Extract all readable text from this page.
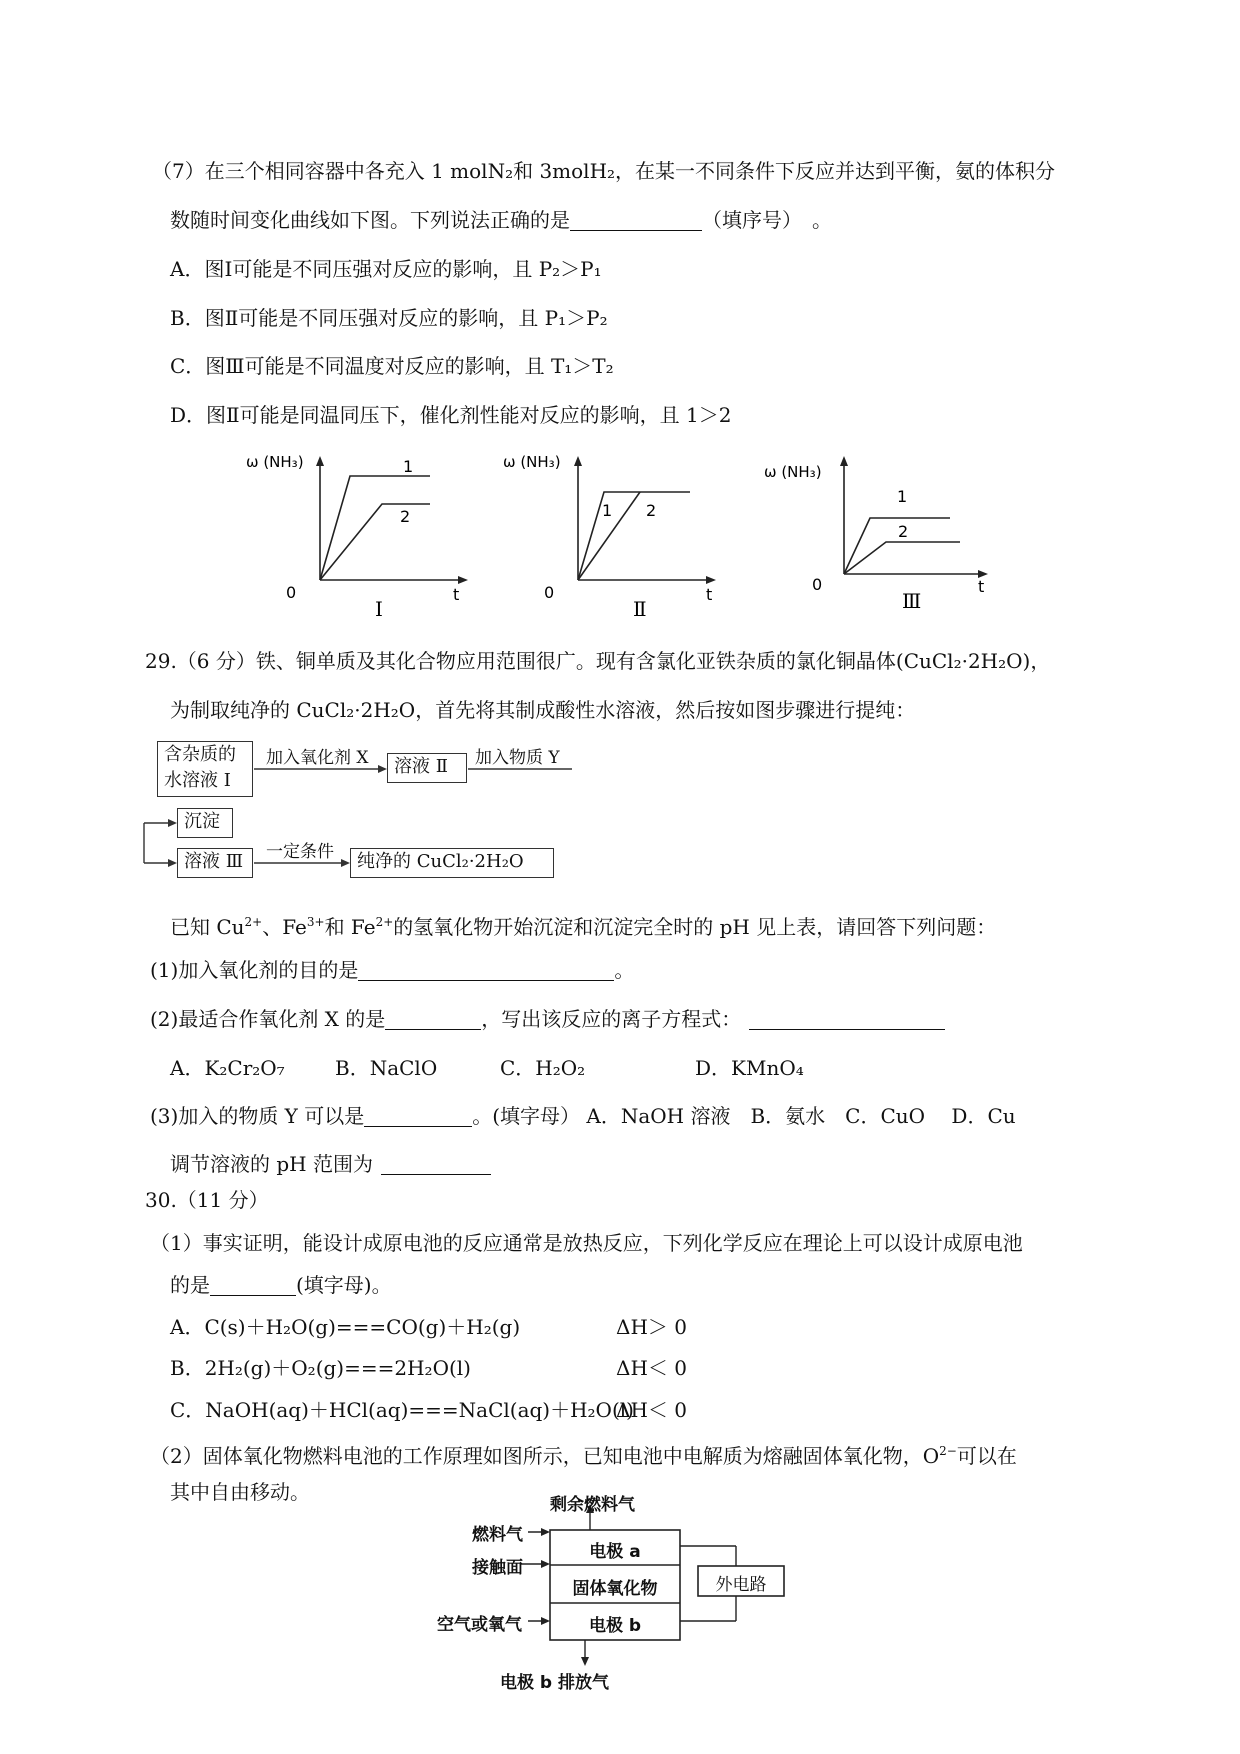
（7）在三个相同容器中各充入 1 molN₂和 3molH₂，在某一不同条件下反应并达到平衡，氨的体积分
数随时间变化曲线如下图。下列说法正确的是	（填序号）　。
A．图Ⅰ可能是不同压强对反应的影响，且 P₂＞P₁
B．图Ⅱ可能是不同压强对反应的影响，且 P₁＞P₂
C．图Ⅲ可能是不同温度对反应的影响，且 T₁＞T₂
D．图Ⅱ可能是同温同压下，催化剂性能对反应的影响，且 1＞2
ω (NH₃)	1
2
0	t
Ⅰ
ω (NH₃)
1 2
0	t
Ⅱ
ω (NH₃)
1
2
0	t
Ⅲ
29.（6 分）铁、铜单质及其化合物应用范围很广。现有含氯化亚铁杂质的氯化铜晶体(CuCl₂·2H₂O)，
为制取纯净的 CuCl₂·2H₂O，首先将其制成酸性水溶液，然后按如图步骤进行提纯：
含杂质的
水溶液 Ⅰ
加入氧化剂 X	溶液 Ⅱ	加入物质 Y
沉淀
溶液 Ⅲ	一定条件	纯净的 CuCl₂·2H₂O
已知 $Cu^{2+}$、$Fe^{3+}$和 $Fe^{2+}$的氢氧化物开始沉淀和沉淀完全时的 pH 见上表，请回答下列问题：
(1)加入氧化剂的目的是	。
(2)最适合作氧化剂 X 的是	，写出该反应的离子方程式：
A．K₂Cr₂O₇	B．NaClO	C．H₂O₂	D．KMnO₄
(3)加入的物质 Y 可以是	。(填字母） A．NaOH 溶液　B．氨水　C．CuO　 D．Cu
调节溶液的 pH 范围为
30.（11 分）
（1）事实证明，能设计成原电池的反应通常是放热反应，下列化学反应在理论上可以设计成原电池
的是	(填字母)。
A．C(s)＋H₂O(g)===CO(g)＋H₂(g)	ΔH＞ 0
B．2H₂(g)＋O₂(g)===2H₂O(l)	ΔH＜ 0
C．NaOH(aq)＋HCl(aq)===NaCl(aq)＋H₂O(l)
ΔH＜ 0
（2）固体氧化物燃料电池的工作原理如图所示，已知电池中电解质为熔融固体氧化物，$O^{2-}$可以在
其中自由移动。
剩余燃料气
燃料气
接触面
空气或氧气
电极 a
固体氧化物
电极 b
外电路
电极 b 排放气
